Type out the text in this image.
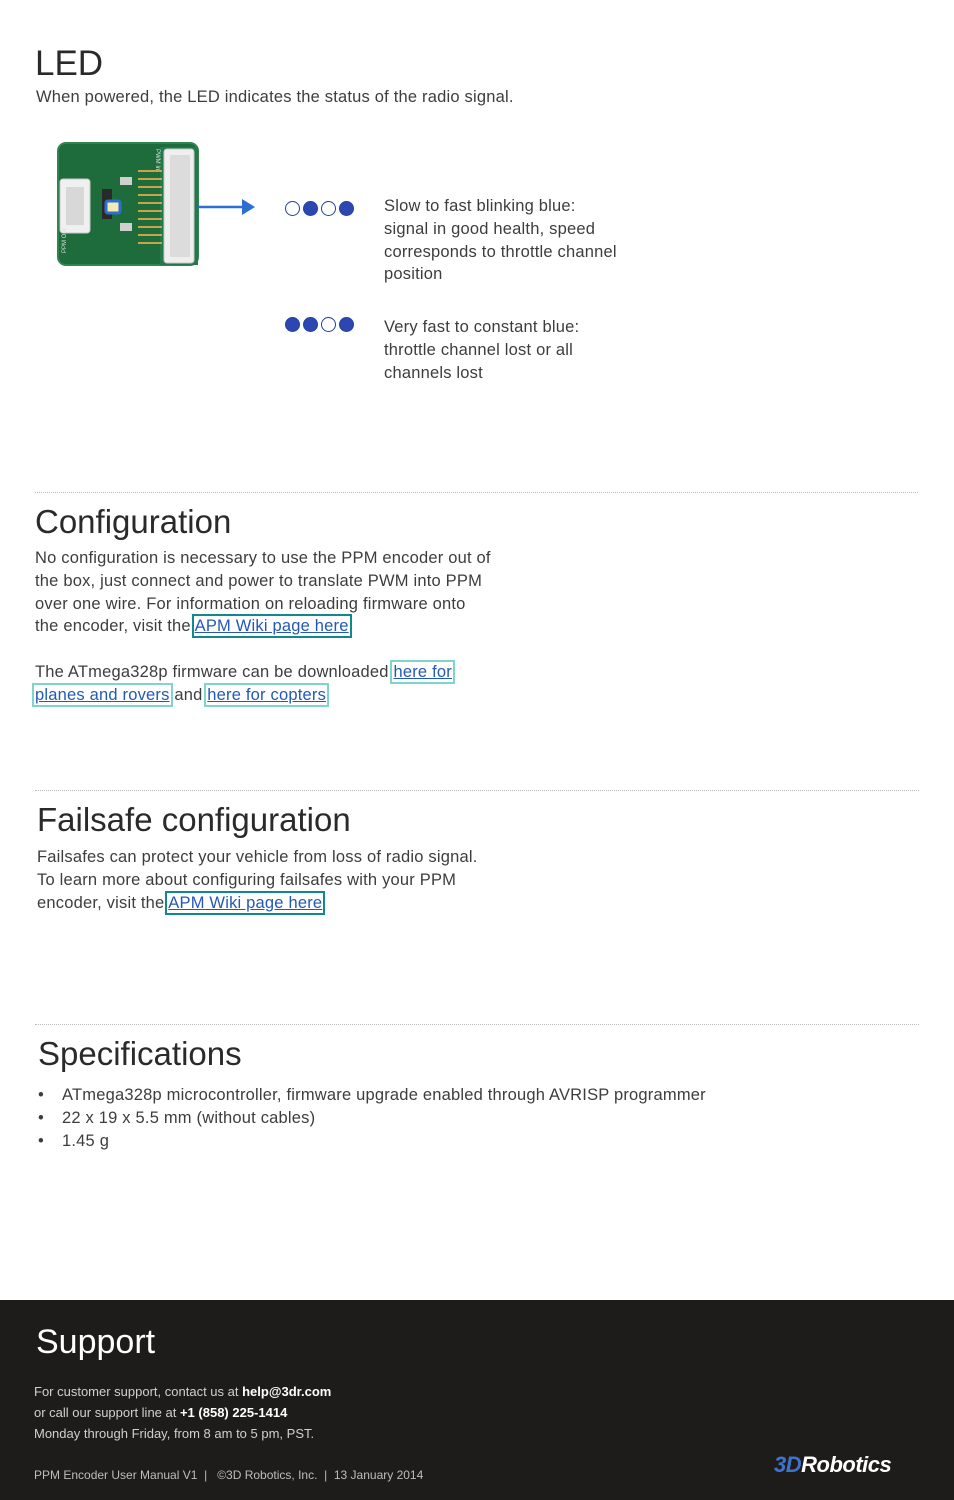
LED
When powered, the LED indicates the status of the radio signal.
PPM Out
PWM In
Slow to fast blinking blue:
signal in good health, speed
corresponds to throttle channel
position
Very fast to constant blue:
throttle channel lost or all
channels lost
Configuration
No configuration is necessary to use the PPM encoder out of
the box, just connect and power to translate PWM into PPM
over one wire. For information on reloading firmware onto
the encoder, visit the APM Wiki page here
The ATmega328p firmware can be downloaded here for
planes and rovers and here for copters
Failsafe configuration
Failsafes can protect your vehicle from loss of radio signal.
To learn more about configuring failsafes with your PPM
encoder, visit the APM Wiki page here
Specifications
• ATmega328p microcontroller, firmware upgrade enabled through AVRISP programmer
• 22 x 19 x 5.5 mm (without cables)
• 1.45 g
Support
For customer support, contact us at help@3dr.com
or call our support line at +1 (858) 225-1414
Monday through Friday, from 8 am to 5 pm, PST.
PPM Encoder User Manual V1  |   ©3D Robotics, Inc.  |  13 January 2014	3DRobotics
